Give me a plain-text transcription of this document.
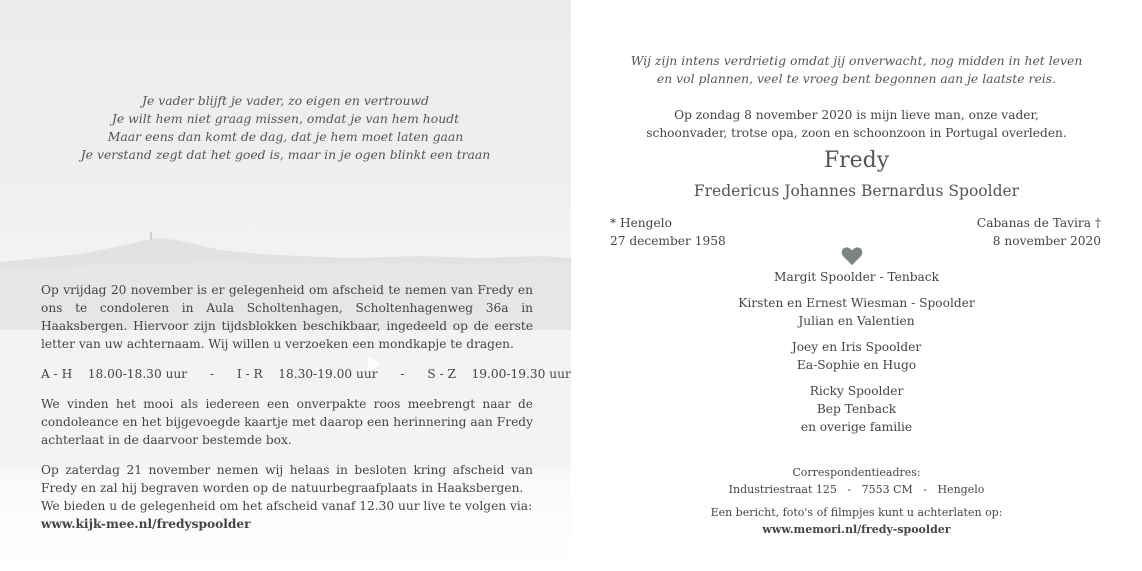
Je vader blijft je vader, zo eigen en vertrouwd
Je wilt hem niet graag missen, omdat je van hem houdt
Maar eens dan komt de dag, dat je hem moet laten gaan
Je verstand zegt dat het goed is, maar in je ogen blinkt een traan

Op vrijdag 20 november is er gelegenheid om afscheid te nemen van Fredy en ons te condoleren in Aula Scholtenhagen, Scholtenhagenweg 36a in Haaksbergen. Hiervoor zijn tijdsblokken beschikbaar, ingedeeld op de eerste letter van uw achternaam. Wij willen u verzoeken een mondkapje te dragen.

A - H 18.00-18.30 uur - I - R 18.30-19.00 uur - S - Z 19.00-19.30 uur

We vinden het mooi als iedereen een onverpakte roos meebrengt naar de condoleance en het bijgevoegde kaartje met daarop een herinnering aan Fredy achterlaat in de daarvoor bestemde box.

Op zaterdag 21 november nemen wij helaas in besloten kring afscheid van Fredy en zal hij begraven worden op de natuurbegraafplaats in Haaksbergen.

We bieden u de gelegenheid om het afscheid vanaf 12.30 uur live te volgen via:

www.kijk-mee.nl/fredyspoolder

Wij zijn intens verdrietig omdat jij onverwacht, nog midden in het leven
en vol plannen, veel te vroeg bent begonnen aan je laatste reis.
Op zondag 8 november 2020 is mijn lieve man, onze vader,
schoonvader, trotse opa, zoon en schoonzoon in Portugal overleden.
Fredy
Fredericus Johannes Bernardus Spoolder
* Hengelo
27 december 1958
Cabanas de Tavira †
8 november 2020
Margit Spoolder - Tenback
Kirsten en Ernest Wiesman - Spoolder
Julian en Valentien
Joey en Iris Spoolder
Ea-Sophie en Hugo
Ricky Spoolder
Bep Tenback
en overige familie
Correspondentieadres:
Industriestraat 125   -   7553 CM   -   Hengelo
Een bericht, foto's of filmpjes kunt u achterlaten op:
www.memori.nl/fredy-spoolder
